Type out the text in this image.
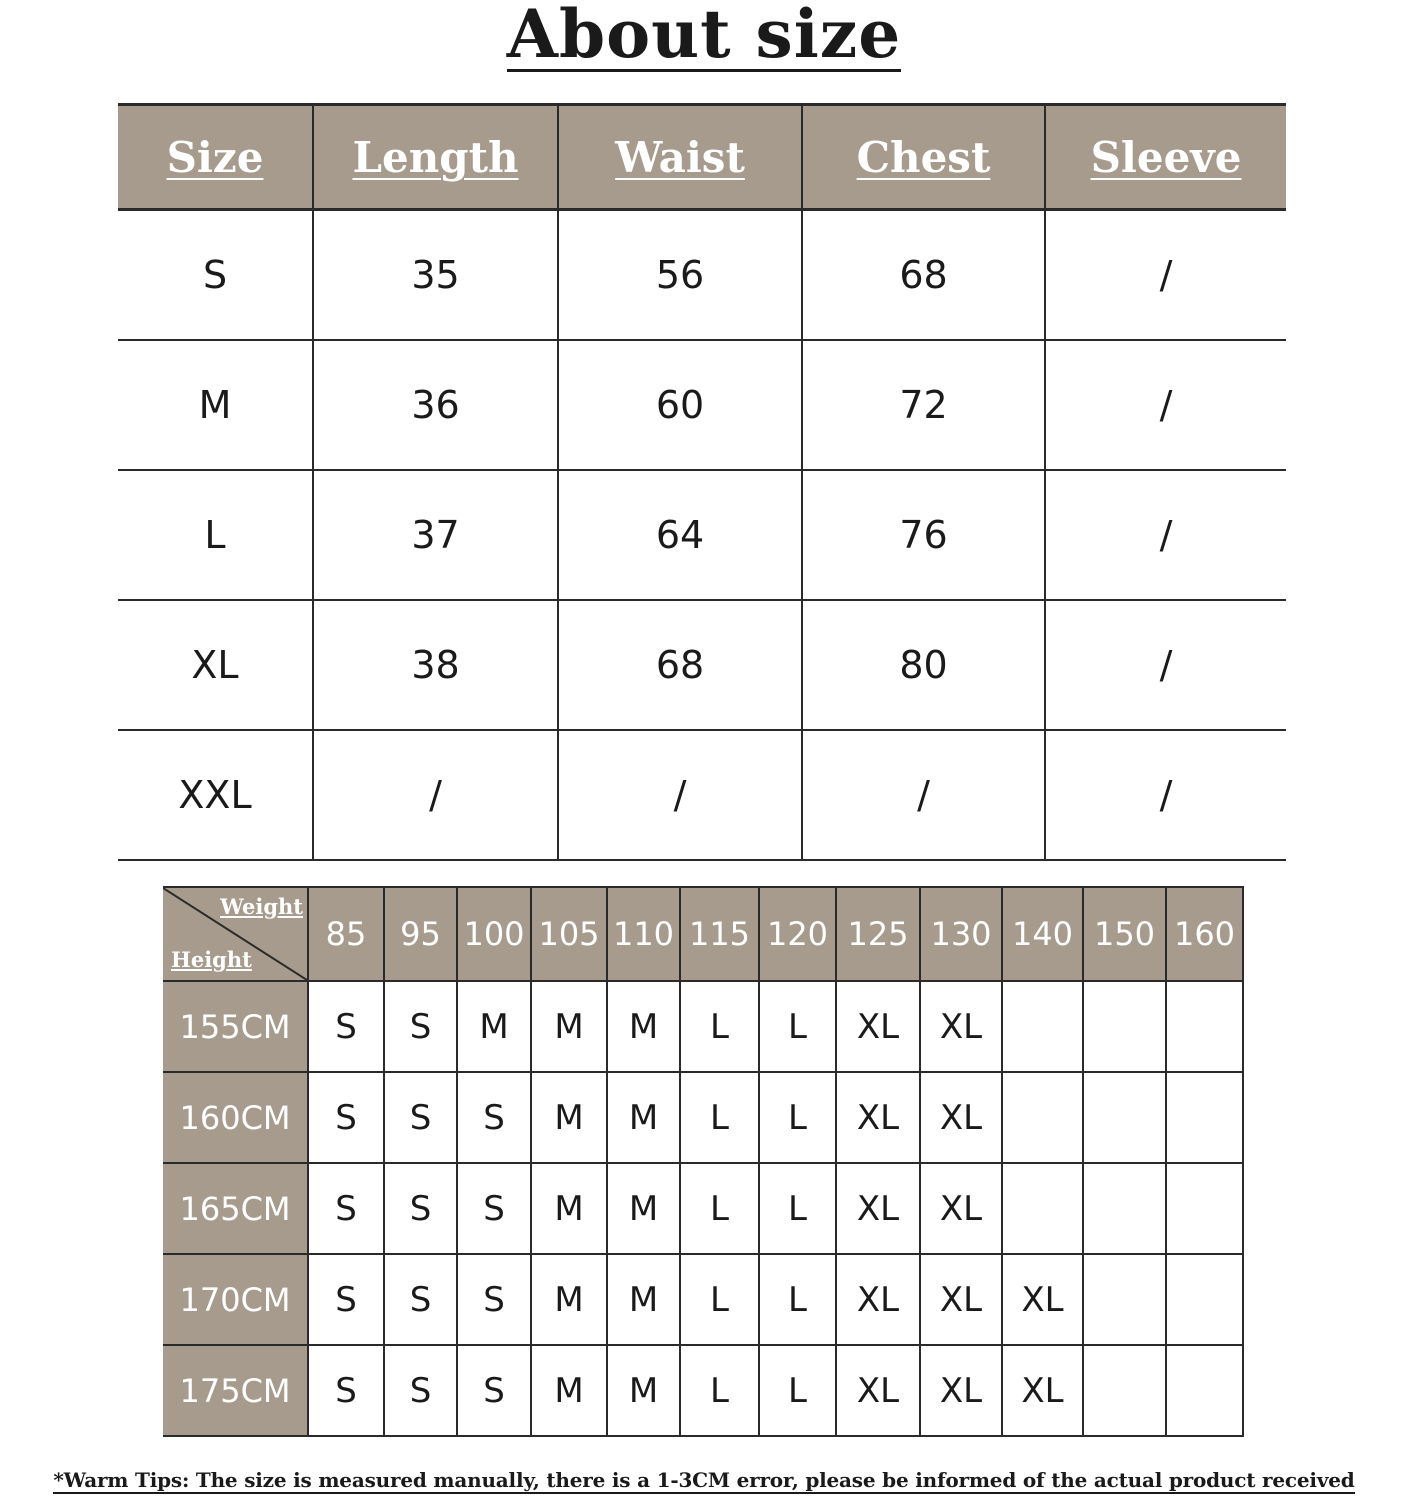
About size
Size	Length	Waist	Chest	Sleeve
S	35	56	68	/
M	36	60	72	/
L	37	64	76	/
XL	38	68	80	/
XXL	/	/	/	/
Weight
Height	85	95	100	105	110	115	120	125	130	140	150	160
155CM	S	S	M	M	M	L	L	XL	XL			
160CM	S	S	S	M	M	L	L	XL	XL			
165CM	S	S	S	M	M	L	L	XL	XL			
170CM	S	S	S	M	M	L	L	XL	XL	XL		
175CM	S	S	S	M	M	L	L	XL	XL	XL		
*Warm Tips: The size is measured manually, there is a 1-3CM error, please be informed of the actual product received
